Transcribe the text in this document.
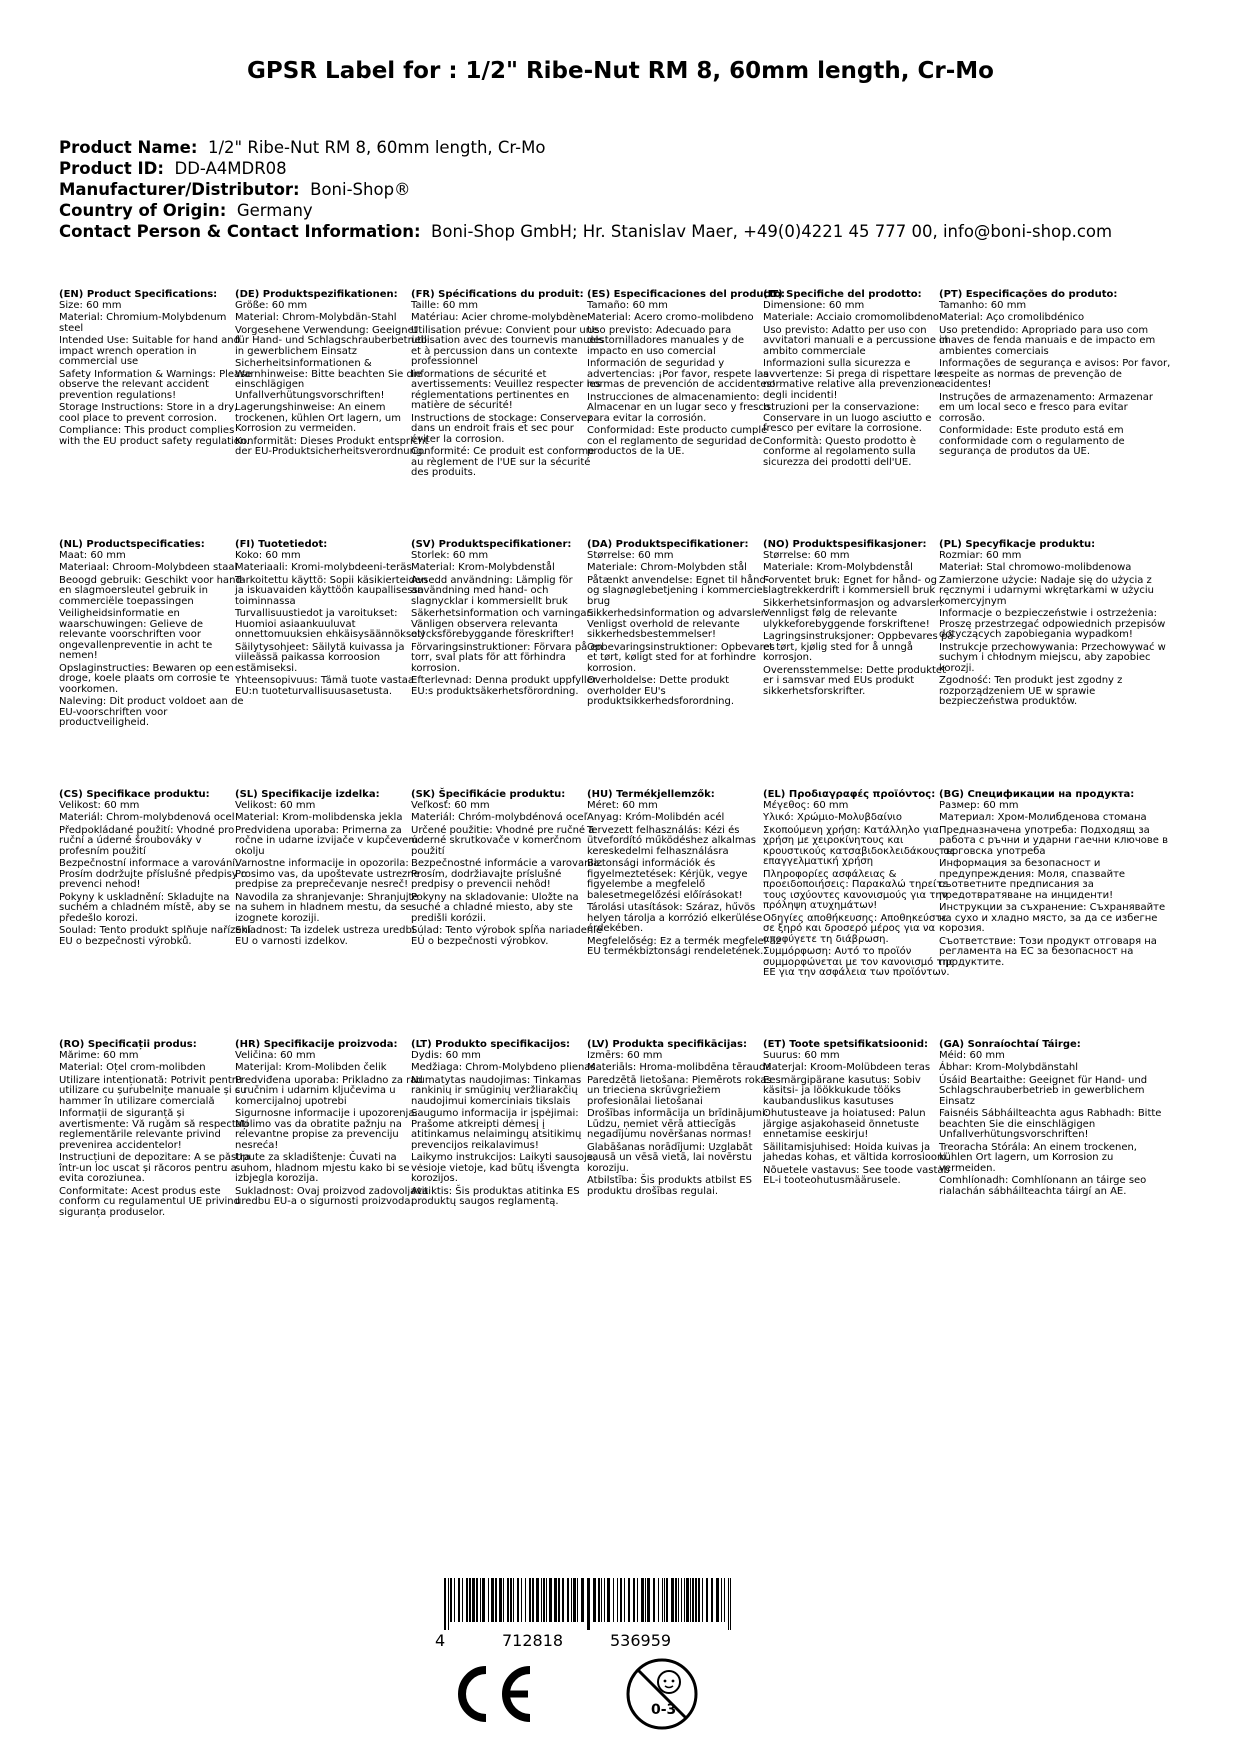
GPSR Label for : 1/2" Ribe-Nut RM 8, 60mm length, Cr-Mo
Product Name: 1/2" Ribe-Nut RM 8, 60mm length, Cr-Mo
Product ID: DD-A4MDR08
Manufacturer/Distributor: Boni-Shop®
Country of Origin: Germany
Contact Person & Contact Information: Boni-Shop GmbH; Hr. Stanislav Maer, +49(0)4221 45 777 00, info@boni-shop.com
(EN) Product Specifications:

Size: 60 mm

Material: Chromium-Molybdenum steel

Intended Use: Suitable for hand and impact wrench operation in commercial use

Safety Information & Warnings: Please observe the relevant accident prevention regulations!

Storage Instructions: Store in a dry, cool place to prevent corrosion.

Compliance: This product complies with the EU product safety regulation.

(DE) Produktspezifikationen:

Größe: 60 mm

Material: Chrom-Molybdän-Stahl

Vorgesehene Verwendung: Geeignet für Hand- und Schlagschrauberbetrieb in gewerblichem Einsatz

Sicherheitsinformationen & Warnhinweise: Bitte beachten Sie die einschlägigen Unfallverhütungsvorschriften!

Lagerungshinweise: An einem trockenen, kühlen Ort lagern, um Korrosion zu vermeiden.

Konformität: Dieses Produkt entspricht der EU-Produktsicherheitsverordnung.

(FR) Spécifications du produit:

Taille: 60 mm

Matériau: Acier chrome-molybdène

Utilisation prévue: Convient pour une utilisation avec des tournevis manuels et à percussion dans un contexte professionnel

Informations de sécurité et avertissements: Veuillez respecter les réglementations pertinentes en matière de sécurité!

Instructions de stockage: Conservez dans un endroit frais et sec pour éviter la corrosion.

Conformité: Ce produit est conforme au règlement de l'UE sur la sécurité des produits.

(ES) Especificaciones del producto:

Tamaño: 60 mm

Material: Acero cromo-molibdeno

Uso previsto: Adecuado para destornilladores manuales y de impacto en uso comercial

Información de seguridad y advertencias: ¡Por favor, respete las normas de prevención de accidentes!

Instrucciones de almacenamiento: Almacenar en un lugar seco y fresco para evitar la corrosión.

Conformidad: Este producto cumple con el reglamento de seguridad de productos de la UE.

(IT) Specifiche del prodotto:

Dimensione: 60 mm

Materiale: Acciaio cromomolibdeno

Uso previsto: Adatto per uso con avvitatori manuali e a percussione in ambito commerciale

Informazioni sulla sicurezza e avvertenze: Si prega di rispettare le normative relative alla prevenzione degli incidenti!

Istruzioni per la conservazione: Conservare in un luogo asciutto e fresco per evitare la corrosione.

Conformità: Questo prodotto è conforme al regolamento sulla sicurezza dei prodotti dell'UE.

(PT) Especificações do produto:

Tamanho: 60 mm

Material: Aço cromolibdénico

Uso pretendido: Apropriado para uso com chaves de fenda manuais e de impacto em ambientes comerciais

Informações de segurança e avisos: Por favor, respeite as normas de prevenção de acidentes!

Instruções de armazenamento: Armazenar em um local seco e fresco para evitar corrosão.

Conformidade: Este produto está em conformidade com o regulamento de segurança de produtos da UE.

(NL) Productspecificaties:

Maat: 60 mm

Materiaal: Chroom-Molybdeen staal

Beoogd gebruik: Geschikt voor hand- en slagmoersleutel gebruik in commerciële toepassingen

Veiligheidsinformatie en waarschuwingen: Gelieve de relevante voorschriften voor ongevallenpreventie in acht te nemen!

Opslaginstructies: Bewaren op een droge, koele plaats om corrosie te voorkomen.

Naleving: Dit product voldoet aan de EU-voorschriften voor productveiligheid.

(FI) Tuotetiedot:

Koko: 60 mm

Materiaali: Kromi-molybdeeni-teräs

Tarkoitettu käyttö: Sopii käsikierteiden ja iskuavaiden käyttöön kaupallisessa toiminnassa

Turvallisuustiedot ja varoitukset: Huomioi asiaankuuluvat onnettomuuksien ehkäisysäännökset!

Säilytysohjeet: Säilytä kuivassa ja viileässä paikassa korroosion estämiseksi.

Yhteensopivuus: Tämä tuote vastaa EU:n tuoteturvallisuusasetusta.

(SV) Produktspecifikationer:

Storlek: 60 mm

Material: Krom-Molybdenstål

Avsedd användning: Lämplig för användning med hand- och slagnycklar i kommersiellt bruk

Säkerhetsinformation och varningar: Vänligen observera relevanta olycksförebyggande föreskrifter!

Förvaringsinstruktioner: Förvara på en torr, sval plats för att förhindra korrosion.

Efterlevnad: Denna produkt uppfyller EU:s produktsäkerhetsförordning.

(DA) Produktspecifikationer:

Størrelse: 60 mm

Materiale: Chrom-Molybden stål

Påtænkt anvendelse: Egnet til hånd- og slagnøglebetjening i kommerciel brug

Sikkerhedsinformation og advarsler: Venligst overhold de relevante sikkerhedsbestemmelser!

Opbevaringsinstruktioner: Opbevares et tørt, køligt sted for at forhindre korrosion.

Overholdelse: Dette produkt overholder EU's produktsikkerhedsforordning.

(NO) Produktspesifikasjoner:

Størrelse: 60 mm

Materiale: Krom-Molybdenstål

Forventet bruk: Egnet for hånd- og slagtrekkerdrift i kommersiell bruk

Sikkerhetsinformasjon og advarsler: Vennligst følg de relevante ulykkeforebyggende forskriftene!

Lagringsinstruksjoner: Oppbevares på et tørt, kjølig sted for å unngå korrosjon.

Overensstemmelse: Dette produktet er i samsvar med EUs produkt sikkerhetsforskrifter.

(PL) Specyfikacje produktu:

Rozmiar: 60 mm

Materiał: Stal chromowo-molibdenowa

Zamierzone użycie: Nadaje się do użycia z ręcznymi i udarnymi wkrętarkami w użyciu komercyjnym

Informacje o bezpieczeństwie i ostrzeżenia: Proszę przestrzegać odpowiednich przepisów dotyczących zapobiegania wypadkom!

Instrukcje przechowywania: Przechowywać w suchym i chłodnym miejscu, aby zapobiec korozji.

Zgodność: Ten produkt jest zgodny z rozporządzeniem UE w sprawie bezpieczeństwa produktów.

(CS) Specifikace produktu:

Velikost: 60 mm

Materiál: Chrom-molybdenová ocel

Předpokládané použití: Vhodné pro ruční a úderné šroubováky v profesním použití

Bezpečnostní informace a varování: Prosím dodržujte příslušné předpisy o prevenci nehod!

Pokyny k uskladnění: Skladujte na suchém a chladném místě, aby se předešlo korozi.

Soulad: Tento produkt splňuje nařízení EU o bezpečnosti výrobků.

(SL) Specifikacije izdelka:

Velikost: 60 mm

Material: Krom-molibdenska jekla

Predvidena uporaba: Primerna za ročne in udarne izvijače v kupčevem okolju

Varnostne informacije in opozorila: Prosimo vas, da upoštevate ustrezne predpise za preprečevanje nesreč!

Navodila za shranjevanje: Shranjujte na suhem in hladnem mestu, da se izognete koroziji.

Skladnost: Ta izdelek ustreza uredbi EU o varnosti izdelkov.

(SK) Špecifikácie produktu:

Veľkosť: 60 mm

Materiál: Chróm-molybdénová oceľ

Určené použitie: Vhodné pre ručné a úderné skrutkovače v komerčnom použití

Bezpečnostné informácie a varovania: Prosím, dodržiavajte príslušné predpisy o prevencii nehôd!

Pokyny na skladovanie: Uložte na suché a chladné miesto, aby ste predišli korózii.

Súlad: Tento výrobok spĺňa nariadenie EÚ o bezpečnosti výrobkov.

(HU) Termékjellemzők:

Méret: 60 mm

Anyag: Króm-Molibdén acél

Tervezett felhasználás: Kézi és ütvefordító működéshez alkalmas kereskedelmi felhasználásra

Biztonsági információk és figyelmeztetések: Kérjük, vegye figyelembe a megfelelő balesetmegelőzési előírásokat!

Tárolási utasítások: Száraz, hűvös helyen tárolja a korrózió elkerülése érdekében.

Megfelelőség: Ez a termék megfelel az EU termékbiztonsági rendeletének.

(EL) Προδιαγραφές προϊόντος:

Μέγεθος: 60 mm

Υλικό: Χρώμιο-Μολυβδαίνιο

Σκοπούμενη χρήση: Κατάλληλο για χρήση με χειροκίνητους και κρουστικούς κατσαβιδοκλειδάκους σε επαγγελματική χρήση

Πληροφορίες ασφάλειας & προειδοποιήσεις: Παρακαλώ τηρείτε τους ισχύοντες κανονισμούς για την πρόληψη ατυχημάτων!

Οδηγίες αποθήκευσης: Αποθηκεύστε σε ξηρό και δροσερό μέρος για να αποφύγετε τη διάβρωση.

Συμμόρφωση: Αυτό το προϊόν συμμορφώνεται με τον κανονισμό της ΕΕ για την ασφάλεια των προϊόντων.

(BG) Спецификации на продукта:

Размер: 60 mm

Материал: Хром-Молибденова стомана

Предназначена употреба: Подходящ за работа с ръчни и ударни гаечни ключове в търговска употреба

Информация за безопасност и предупреждения: Моля, спазвайте съответните предписания за предотвратяване на инциденти!

Инструкции за съхранение: Съхранявайте на сухо и хладно място, за да се избегне корозия.

Съответствие: Този продукт отговаря на регламента на ЕС за безопасност на продуктите.

(RO) Specificații produs:

Mărime: 60 mm

Material: Oțel crom-molibden

Utilizare intenționată: Potrivit pentru utilizare cu șurubelnițe manuale și cu hammer în utilizare comercială

Informații de siguranță și avertismente: Vă rugăm să respectați reglementările relevante privind prevenirea accidentelor!

Instrucțiuni de depozitare: A se păstra într-un loc uscat și răcoros pentru a evita coroziunea.

Conformitate: Acest produs este conform cu regulamentul UE privind siguranța produselor.

(HR) Specifikacije proizvoda:

Veličina: 60 mm

Materijal: Krom-Molibden čelik

Predviđena uporaba: Prikladno za rad s ručnim i udarnim ključevima u komercijalnoj upotrebi

Sigurnosne informacije i upozorenja: Molimo vas da obratite pažnju na relevantne propise za prevenciju nesreća!

Upute za skladištenje: Čuvati na suhom, hladnom mjestu kako bi se izbjegla korozija.

Sukladnost: Ovaj proizvod zadovoljava uredbu EU-a o sigurnosti proizvoda.

(LT) Produkto specifikacijos:

Dydis: 60 mm

Medžiaga: Chrom-Molybdeno plienas

Numatytas naudojimas: Tinkamas rankinių ir smūginių veržliarakčių naudojimui komerciniais tikslais

Saugumo informacija ir įspėjimai: Prašome atkreipti dėmesį į atitinkamus nelaimingų atsitikimų prevencijos reikalavimus!

Laikymo instrukcijos: Laikyti sausoje, vėsioje vietoje, kad būtų išvengta korozijos.

Atitiktis: Šis produktas atitinka ES produktų saugos reglamentą.

(LV) Produkta specifikācijas:

Izmērs: 60 mm

Materiāls: Hroma-molibdēna tērauda

Paredzētā lietošana: Piemērots rokas un trieciena skrūvgriežiem profesionālai lietošanai

Drošības informācija un brīdinājumi: Lūdzu, ņemiet vērā attiecīgās negadījumu novēršanas normas!

Glabāšanas norādījumi: Uzglabāt sausā un vēsā vietā, lai novērstu koroziju.

Atbilstība: Šis produkts atbilst ES produktu drošības regulai.

(ET) Toote spetsifikatsioonid:

Suurus: 60 mm

Materjal: Kroom-Molübdeen teras

Eesmärgipärane kasutus: Sobiv käsitsi- ja löökkukude tööks kaubanduslikus kasutuses

Ohutusteave ja hoiatused: Palun järgige asjakohaseid õnnetuste ennetamise eeskirju!

Säilitamisjuhised: Hoida kuivas ja jahedas kohas, et vältida korrosiooni.

Nõuetele vastavus: See toode vastab EL-i tooteohutusmäärusele.

(GA) Sonraíochtaí Táirge:

Méid: 60 mm

Ábhar: Krom-Molybdänstahl

Úsáid Beartaithe: Geeignet für Hand- und Schlagschrauberbetrieb in gewerblichem Einsatz

Faisnéis Sábháilteachta agus Rabhadh: Bitte beachten Sie die einschlägigen Unfallverhütungsvorschriften!

Treoracha Stórála: An einem trockenen, kühlen Ort lagern, um Korrosion zu vermeiden.

Comhlíonadh: Comhlíonann an táirge seo rialachán sábháilteachta táirgí an AE.

4	712818	536959
0-3
